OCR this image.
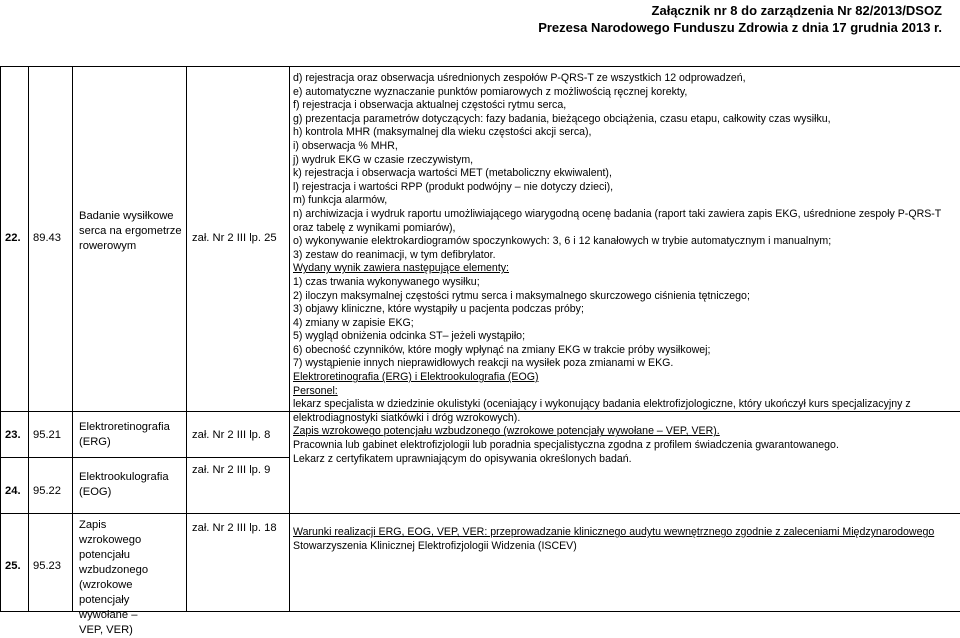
Załącznik nr 8 do zarządzenia Nr 82/2013/DSOZ
Prezesa Narodowego Funduszu Zdrowia z dnia 17 grudnia 2013 r.
22. 89.43
Badanie wysiłkowe serca na ergometrze rowerowym
zał. Nr 2 III lp. 25
23. 95.21
Elektroretinografia (ERG)
zał. Nr 2 III lp. 8
24. 95.22
Elektrookulografia (EOG)
zał. Nr 2 III lp. 9
25. 95.23
Zapis wzrokowego potencjału wzbudzonego (wzrokowe potencjały wywołane – VEP, VER)
zał. Nr 2 III lp. 18

d) rejestracja oraz obserwacja uśrednionych zespołów P-QRS-T ze wszystkich 12 odprowadzeń,

e) automatyczne wyznaczanie punktów pomiarowych z możliwością ręcznej korekty,

f) rejestracja i obserwacja aktualnej częstości rytmu serca,

g) prezentacja parametrów dotyczących: fazy badania, bieżącego obciążenia, czasu etapu, całkowity czas wysiłku,

h) kontrola MHR (maksymalnej dla wieku częstości akcji serca),

i) obserwacja % MHR,

j) wydruk EKG w czasie rzeczywistym,

k) rejestracja i obserwacja wartości MET (metaboliczny ekwiwalent),

l) rejestracja i wartości RPP (produkt podwójny – nie dotyczy dzieci),

m) funkcja alarmów,

n) archiwizacja i wydruk raportu umożliwiającego wiarygodną ocenę badania (raport taki zawiera zapis EKG, uśrednione zespoły P-QRS-T

oraz tabelę z wynikami pomiarów),

o) wykonywanie elektrokardiogramów spoczynkowych: 3, 6 i 12 kanałowych w trybie automatycznym i manualnym;

3) zestaw do reanimacji, w tym defibrylator.

Wydany wynik zawiera następujące elementy:

1) czas trwania wykonywanego wysiłku;

2) iloczyn maksymalnej częstości rytmu serca i maksymalnego skurczowego ciśnienia tętniczego;

3) objawy kliniczne, które wystąpiły u pacjenta podczas próby;

4) zmiany w zapisie EKG;

5) wygląd obniżenia odcinka ST– jeżeli wystąpiło;

6) obecność czynników, które mogły wpłynąć na zmiany EKG w trakcie próby wysiłkowej;

7) wystąpienie innych nieprawidłowych reakcji na wysiłek poza zmianami w EKG.

Elektroretinografia (ERG) i Elektrookulografia (EOG)

Personel:

lekarz specjalista w dziedzinie okulistyki (oceniający i wykonujący badania elektrofizjologiczne, który ukończył kurs specjalizacyjny z

elektrodiagnostyki siatkówki i dróg wzrokowych).

Zapis wzrokowego potencjału wzbudzonego (wzrokowe potencjały wywołane – VEP, VER).

Pracownia lub gabinet elektrofizjologii lub poradnia specjalistyczna zgodna z profilem świadczenia gwarantowanego.

Lekarz z certyfikatem uprawniającym do opisywania określonych badań.

Warunki realizacji ERG, EOG, VEP, VER: przeprowadzanie klinicznego audytu wewnętrznego zgodnie z zaleceniami Międzynarodowego

Stowarzyszenia Klinicznej Elektrofizjologii Widzenia (ISCEV)
